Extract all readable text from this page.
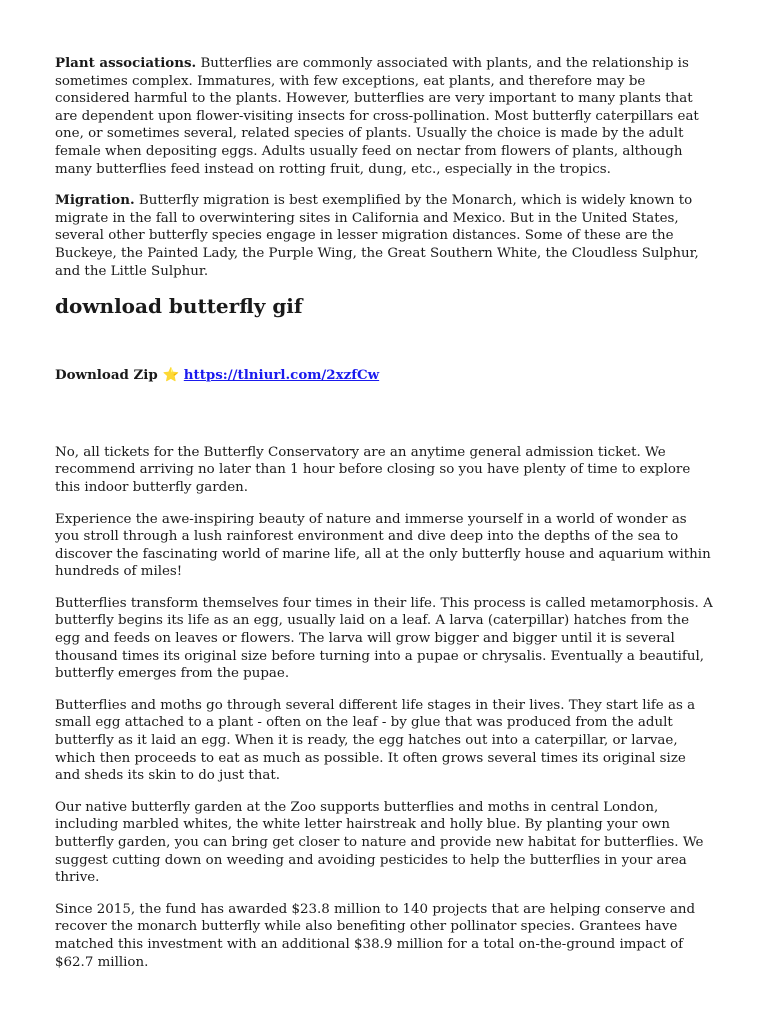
Plant associations. Butterflies are commonly associated with plants, and the relationship is sometimes complex. Immatures, with few exceptions, eat plants, and therefore may be considered harmful to the plants. However, butterflies are very important to many plants that are dependent upon flower-visiting insects for cross-pollination. Most butterfly caterpillars eat one, or sometimes several, related species of plants. Usually the choice is made by the adult female when depositing eggs. Adults usually feed on nectar from flowers of plants, although many butterflies feed instead on rotting fruit, dung, etc., especially in the tropics.

Migration. Butterfly migration is best exemplified by the Monarch, which is widely known to migrate in the fall to overwintering sites in California and Mexico. But in the United States, several other butterfly species engage in lesser migration distances. Some of these are the Buckeye, the Painted Lady, the Purple Wing, the Great Southern White, the Cloudless Sulphur, and the Little Sulphur.

download butterfly gif
Download Zip ⭐ https://tlniurl.com/2xzfCw

No, all tickets for the Butterfly Conservatory are an anytime general admission ticket. We recommend arriving no later than 1 hour before closing so you have plenty of time to explore this indoor butterfly garden.

Experience the awe-inspiring beauty of nature and immerse yourself in a world of wonder as you stroll through a lush rainforest environment and dive deep into the depths of the sea to discover the fascinating world of marine life, all at the only butterfly house and aquarium within hundreds of miles!

Butterflies transform themselves four times in their life. This process is called metamorphosis. A butterfly begins its life as an egg, usually laid on a leaf. A larva (caterpillar) hatches from the egg and feeds on leaves or flowers. The larva will grow bigger and bigger until it is several thousand times its original size before turning into a pupae or chrysalis. Eventually a beautiful, butterfly emerges from the pupae.

Butterflies and moths go through several different life stages in their lives. They start life as a small egg attached to a plant - often on the leaf - by glue that was produced from the adult butterfly as it laid an egg. When it is ready, the egg hatches out into a caterpillar, or larvae, which then proceeds to eat as much as possible. It often grows several times its original size and sheds its skin to do just that.

Our native butterfly garden at the Zoo supports butterflies and moths in central London, including marbled whites, the white letter hairstreak and holly blue. By planting your own butterfly garden, you can bring get closer to nature and provide new habitat for butterflies. We suggest cutting down on weeding and avoiding pesticides to help the butterflies in your area thrive.

Since 2015, the fund has awarded $23.8 million to 140 projects that are helping conserve and recover the monarch butterfly while also benefiting other pollinator species. Grantees have matched this investment with an additional $38.9 million for a total on-the-ground impact of $62.7 million.
